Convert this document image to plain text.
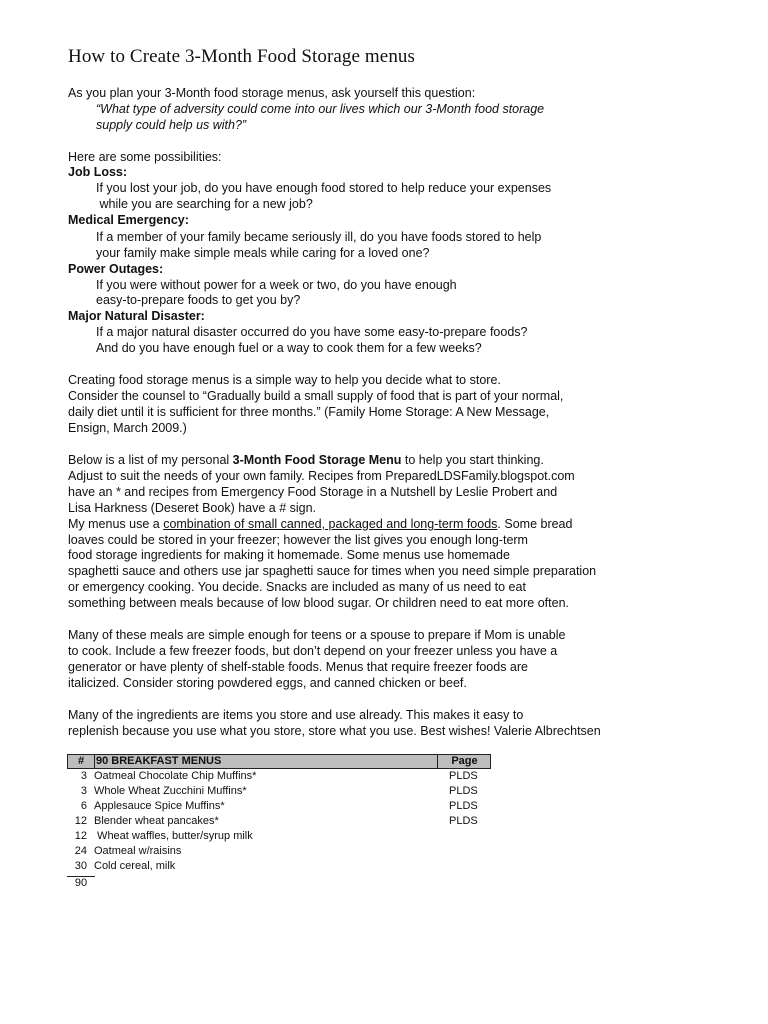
How to Create 3-Month Food Storage menus
As you plan your 3-Month food storage menus, ask yourself this question:
“What type of adversity could come into our lives which our 3-Month food storage
supply could help us with?”
Here are some possibilities:
Job Loss:
If you lost your job, do you have enough food stored to help reduce your expenses
while you are searching for a new job?
Medical Emergency:
If a member of your family became seriously ill, do you have foods stored to help
your family make simple meals while caring for a loved one?
Power Outages:
If you were without power for a week or two, do you have enough
easy-to-prepare foods to get you by?
Major Natural Disaster:
If a major natural disaster occurred do you have some easy-to-prepare foods?
And do you have enough fuel or a way to cook them for a few weeks?
Creating food storage menus is a simple way to help you decide what to store.
Consider the counsel to “Gradually build a small supply of food that is part of your normal,
daily diet until it is sufficient for three months.” (Family Home Storage: A New Message,
Ensign, March 2009.)
Below is a list of my personal 3-Month Food Storage Menu to help you start thinking.
Adjust to suit the needs of your own family. Recipes from PreparedLDSFamily.blogspot.com
have an * and recipes from Emergency Food Storage in a Nutshell by Leslie Probert and
Lisa Harkness (Deseret Book) have a # sign.
My menus use a combination of small canned, packaged and long-term foods. Some bread
loaves could be stored in your freezer; however the list gives you enough long-term
food storage ingredients for making it homemade. Some menus use homemade
spaghetti sauce and others use jar spaghetti sauce for times when you need simple preparation
or emergency cooking. You decide. Snacks are included as many of us need to eat
something between meals because of low blood sugar. Or children need to eat more often.
Many of these meals are simple enough for teens or a spouse to prepare if Mom is unable
to cook. Include a few freezer foods, but don’t depend on your freezer unless you have a
generator or have plenty of shelf-stable foods. Menus that require freezer foods are
italicized. Consider storing powdered eggs, and canned chicken or beef.
Many of the ingredients are items you store and use already. This makes it easy to
replenish because you use what you store, store what you use. Best wishes! Valerie Albrechtsen
#	90 BREAKFAST MENUS	Page
3 Oatmeal Chocolate Chip Muffins*	PLDS
3 Whole Wheat Zucchini Muffins*	PLDS
6 Applesauce Spice Muffins*	PLDS
12 Blender wheat pancakes*	PLDS
12 Wheat waffles, butter/syrup milk
24 Oatmeal w/raisins
30 Cold cereal, milk
90
